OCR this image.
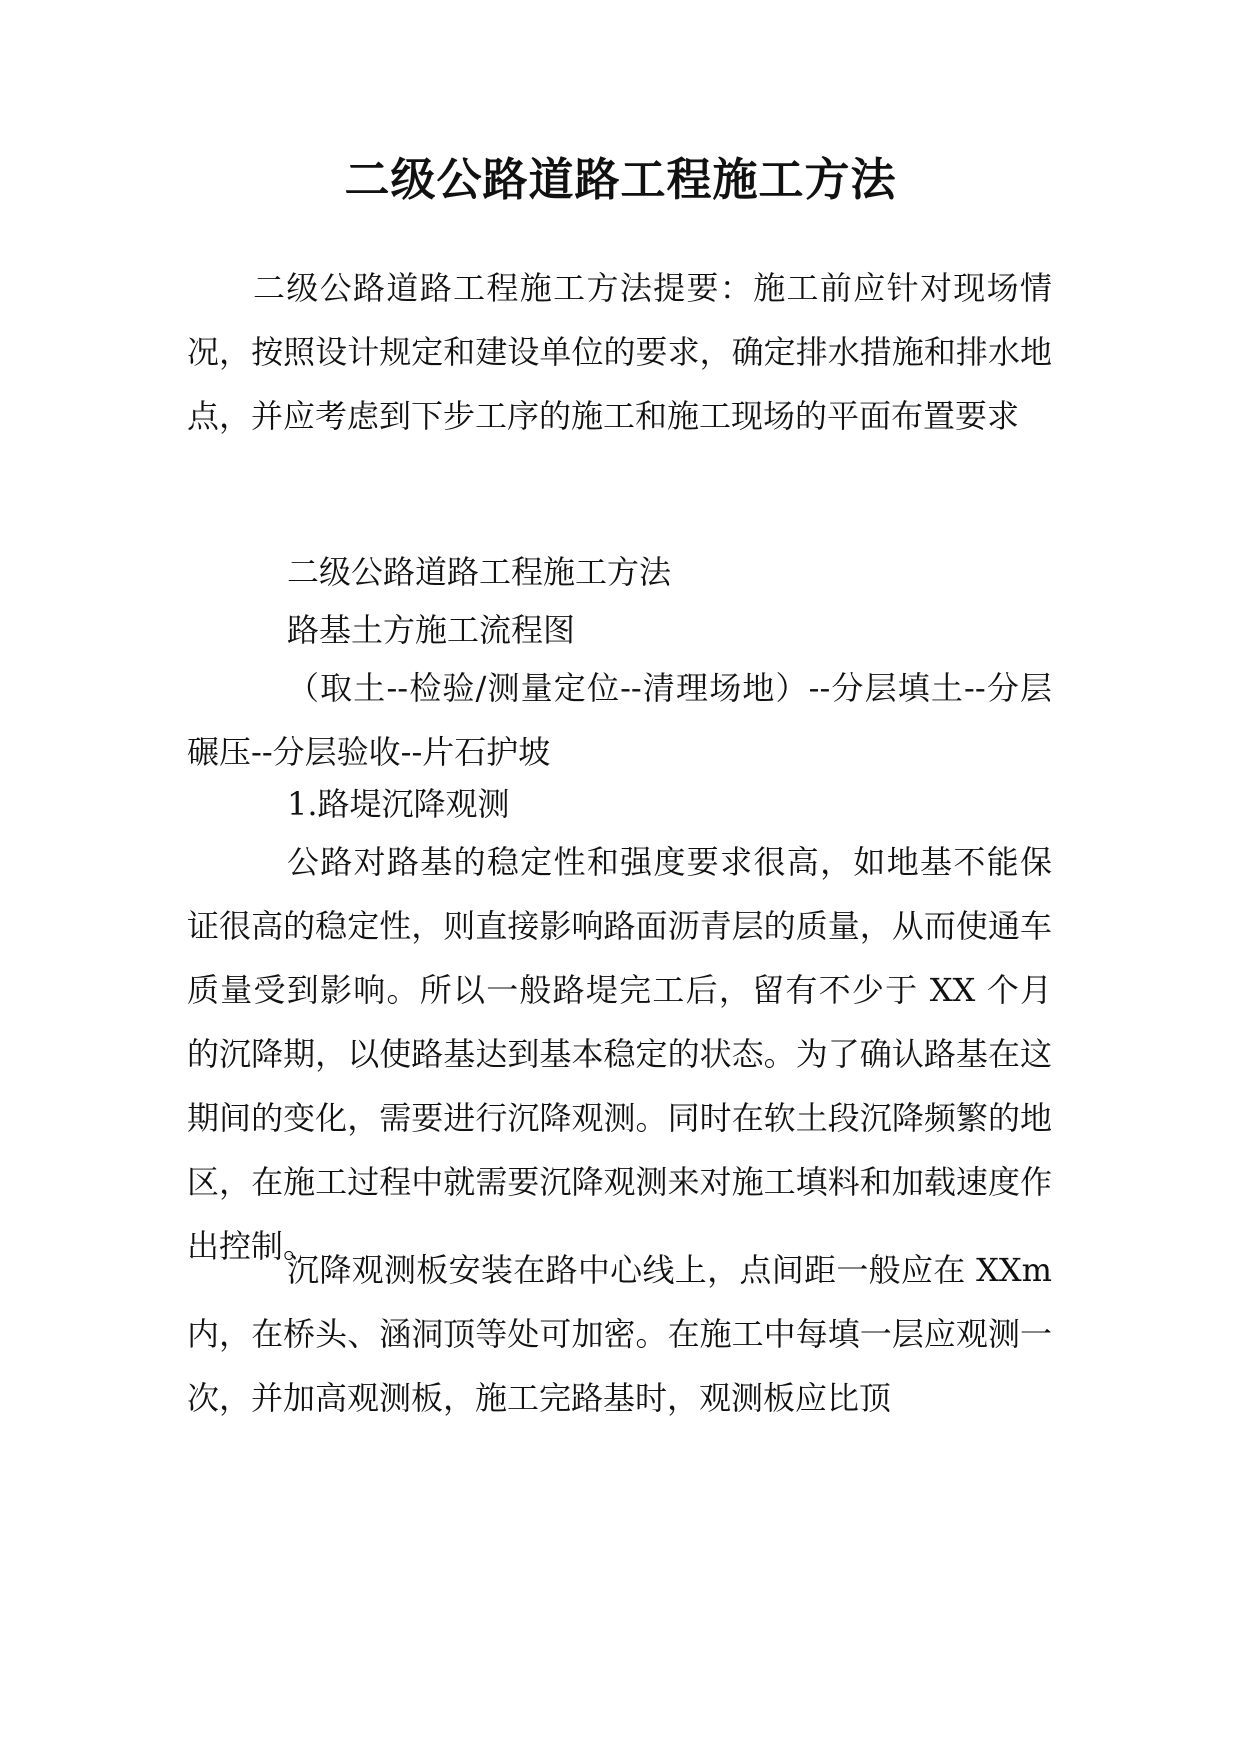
二级公路道路工程施工方法

二级公路道路工程施工方法提要：施工前应针对现场情况，按照设计规定和建设单位的要求，确定排水措施和排水地点，并应考虑到下步工序的施工和施工现场的平面布置要求

二级公路道路工程施工方法

路基土方施工流程图

（取土--检验/测量定位--清理场地）--分层填土--分层碾压--分层验收--片石护坡

1.路堤沉降观测

公路对路基的稳定性和强度要求很高，如地基不能保证很高的稳定性，则直接影响路面沥青层的质量，从而使通车质量受到影响。所以一般路堤完工后，留有不少于 XX 个月的沉降期，以使路基达到基本稳定的状态。为了确认路基在这期间的变化，需要进行沉降观测。同时在软土段沉降频繁的地区，在施工过程中就需要沉降观测来对施工填料和加载速度作出控制。

沉降观测板安装在路中心线上，点间距一般应在 XXm 内，在桥头、涵洞顶等处可加密。在施工中每填一层应观测一次，并加高观测板，施工完路基时，观测板应比顶
